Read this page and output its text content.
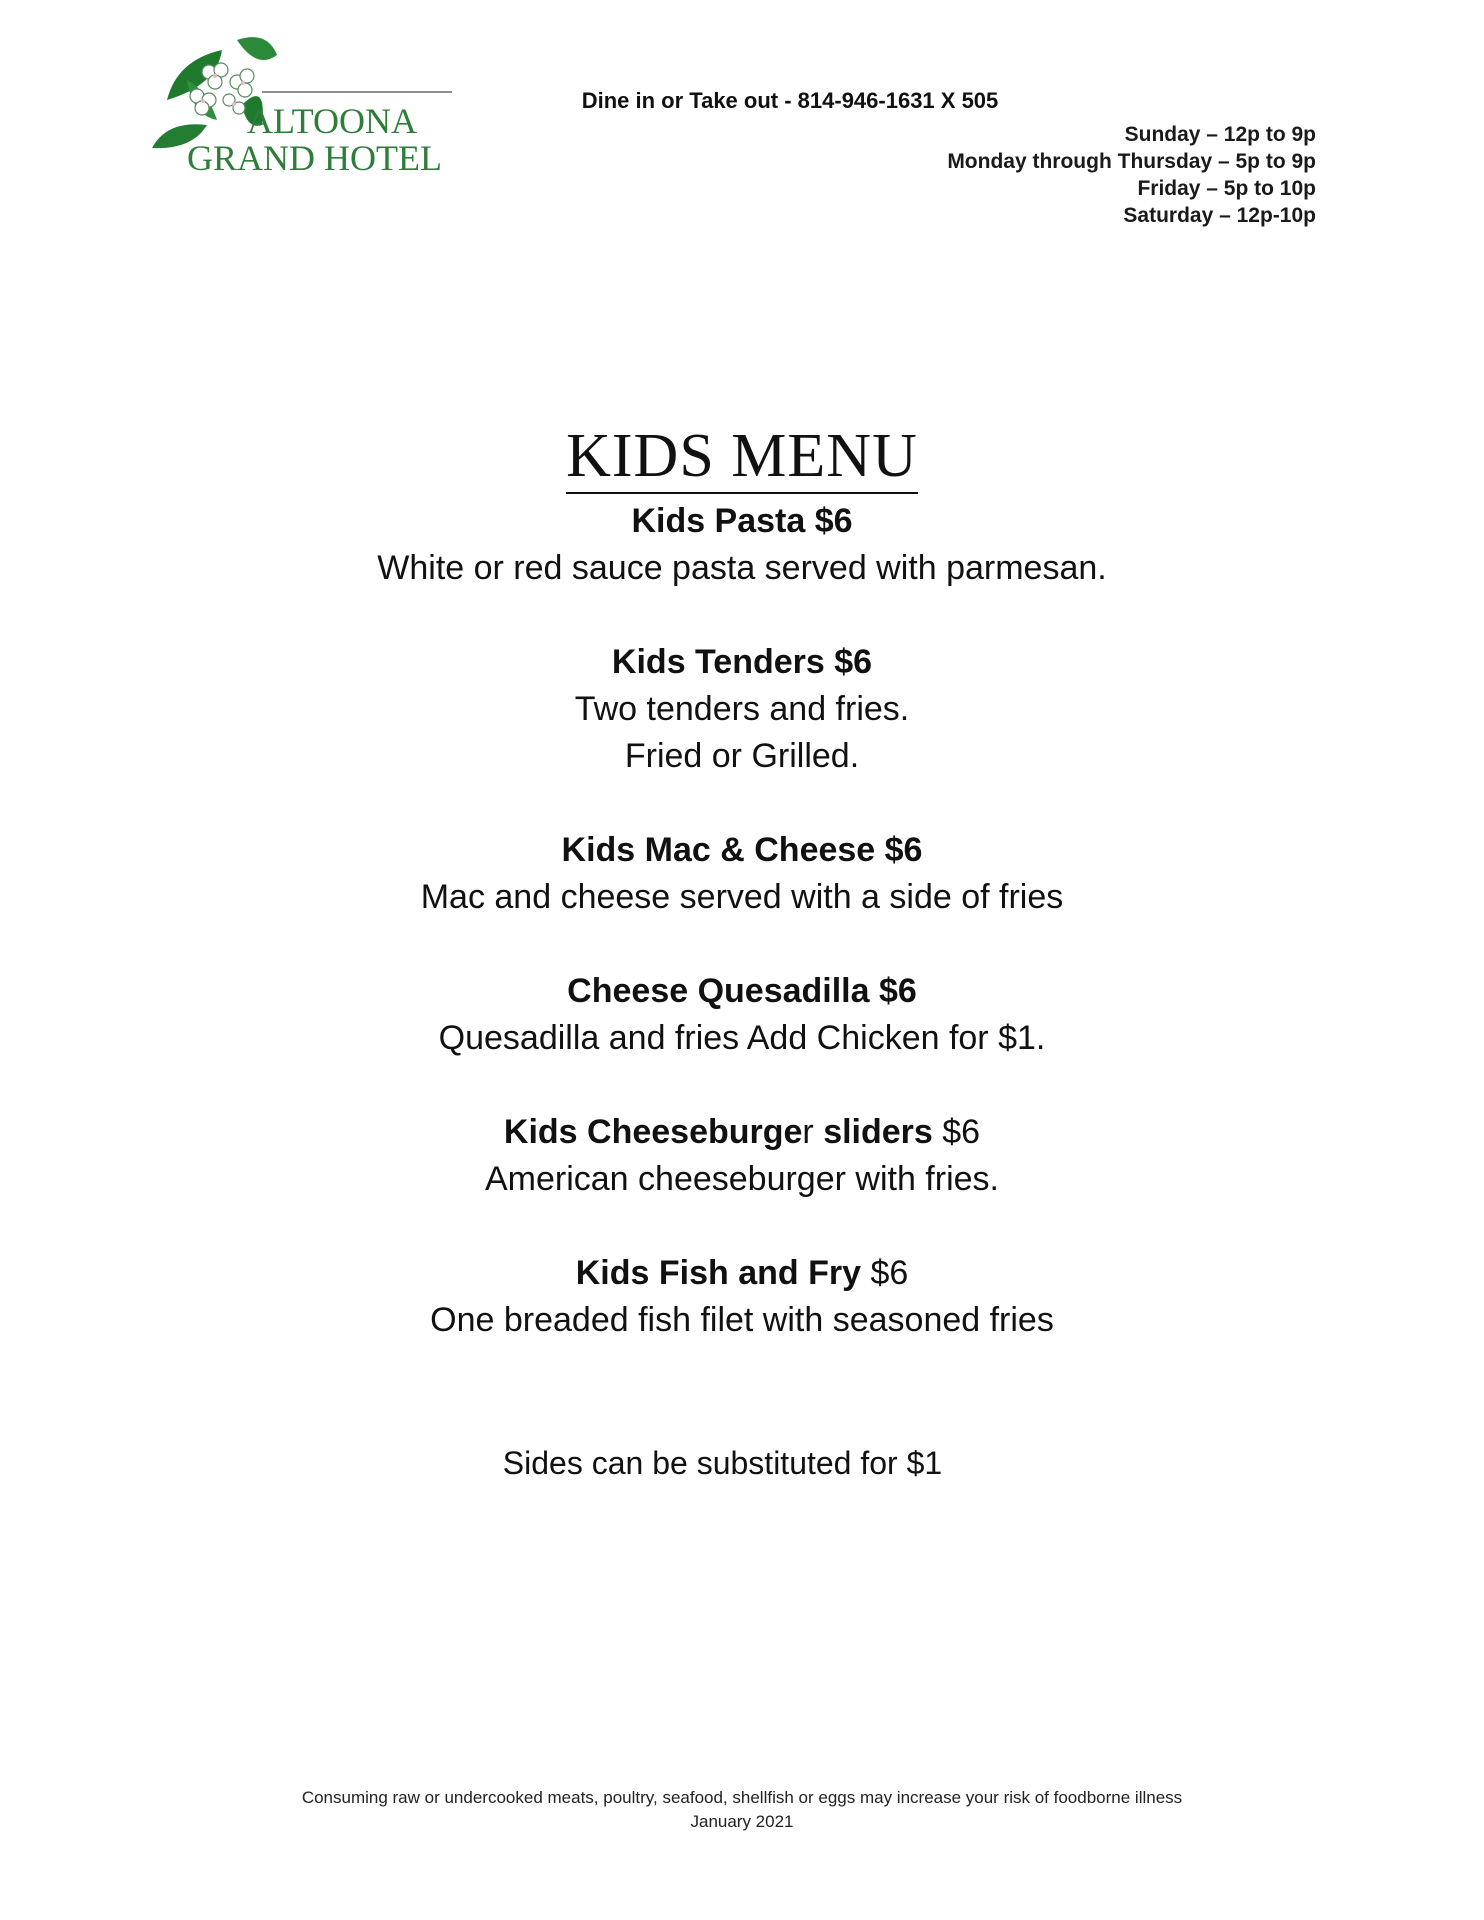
ALTOONA
GRAND HOTEL
Dine in or Take out - 814-946-1631 X 505
Sunday – 12p to 9p
Monday through Thursday – 5p to 9p
Friday – 5p to 10p
Saturday – 12p-10p
KIDS MENU
Kids Pasta $6
White or red sauce pasta served with parmesan.
Kids Tenders $6
Two tenders and fries.
Fried or Grilled.
Kids Mac & Cheese $6
Mac and cheese served with a side of fries
Cheese Quesadilla $6
Quesadilla and fries Add Chicken for $1.
Kids Cheeseburger sliders $6
American cheeseburger with fries.
Kids Fish and Fry $6
One breaded fish filet with seasoned fries
Sides can be substituted for $1
Consuming raw or undercooked meats, poultry, seafood, shellfish or eggs may increase your risk of foodborne illness
January 2021
